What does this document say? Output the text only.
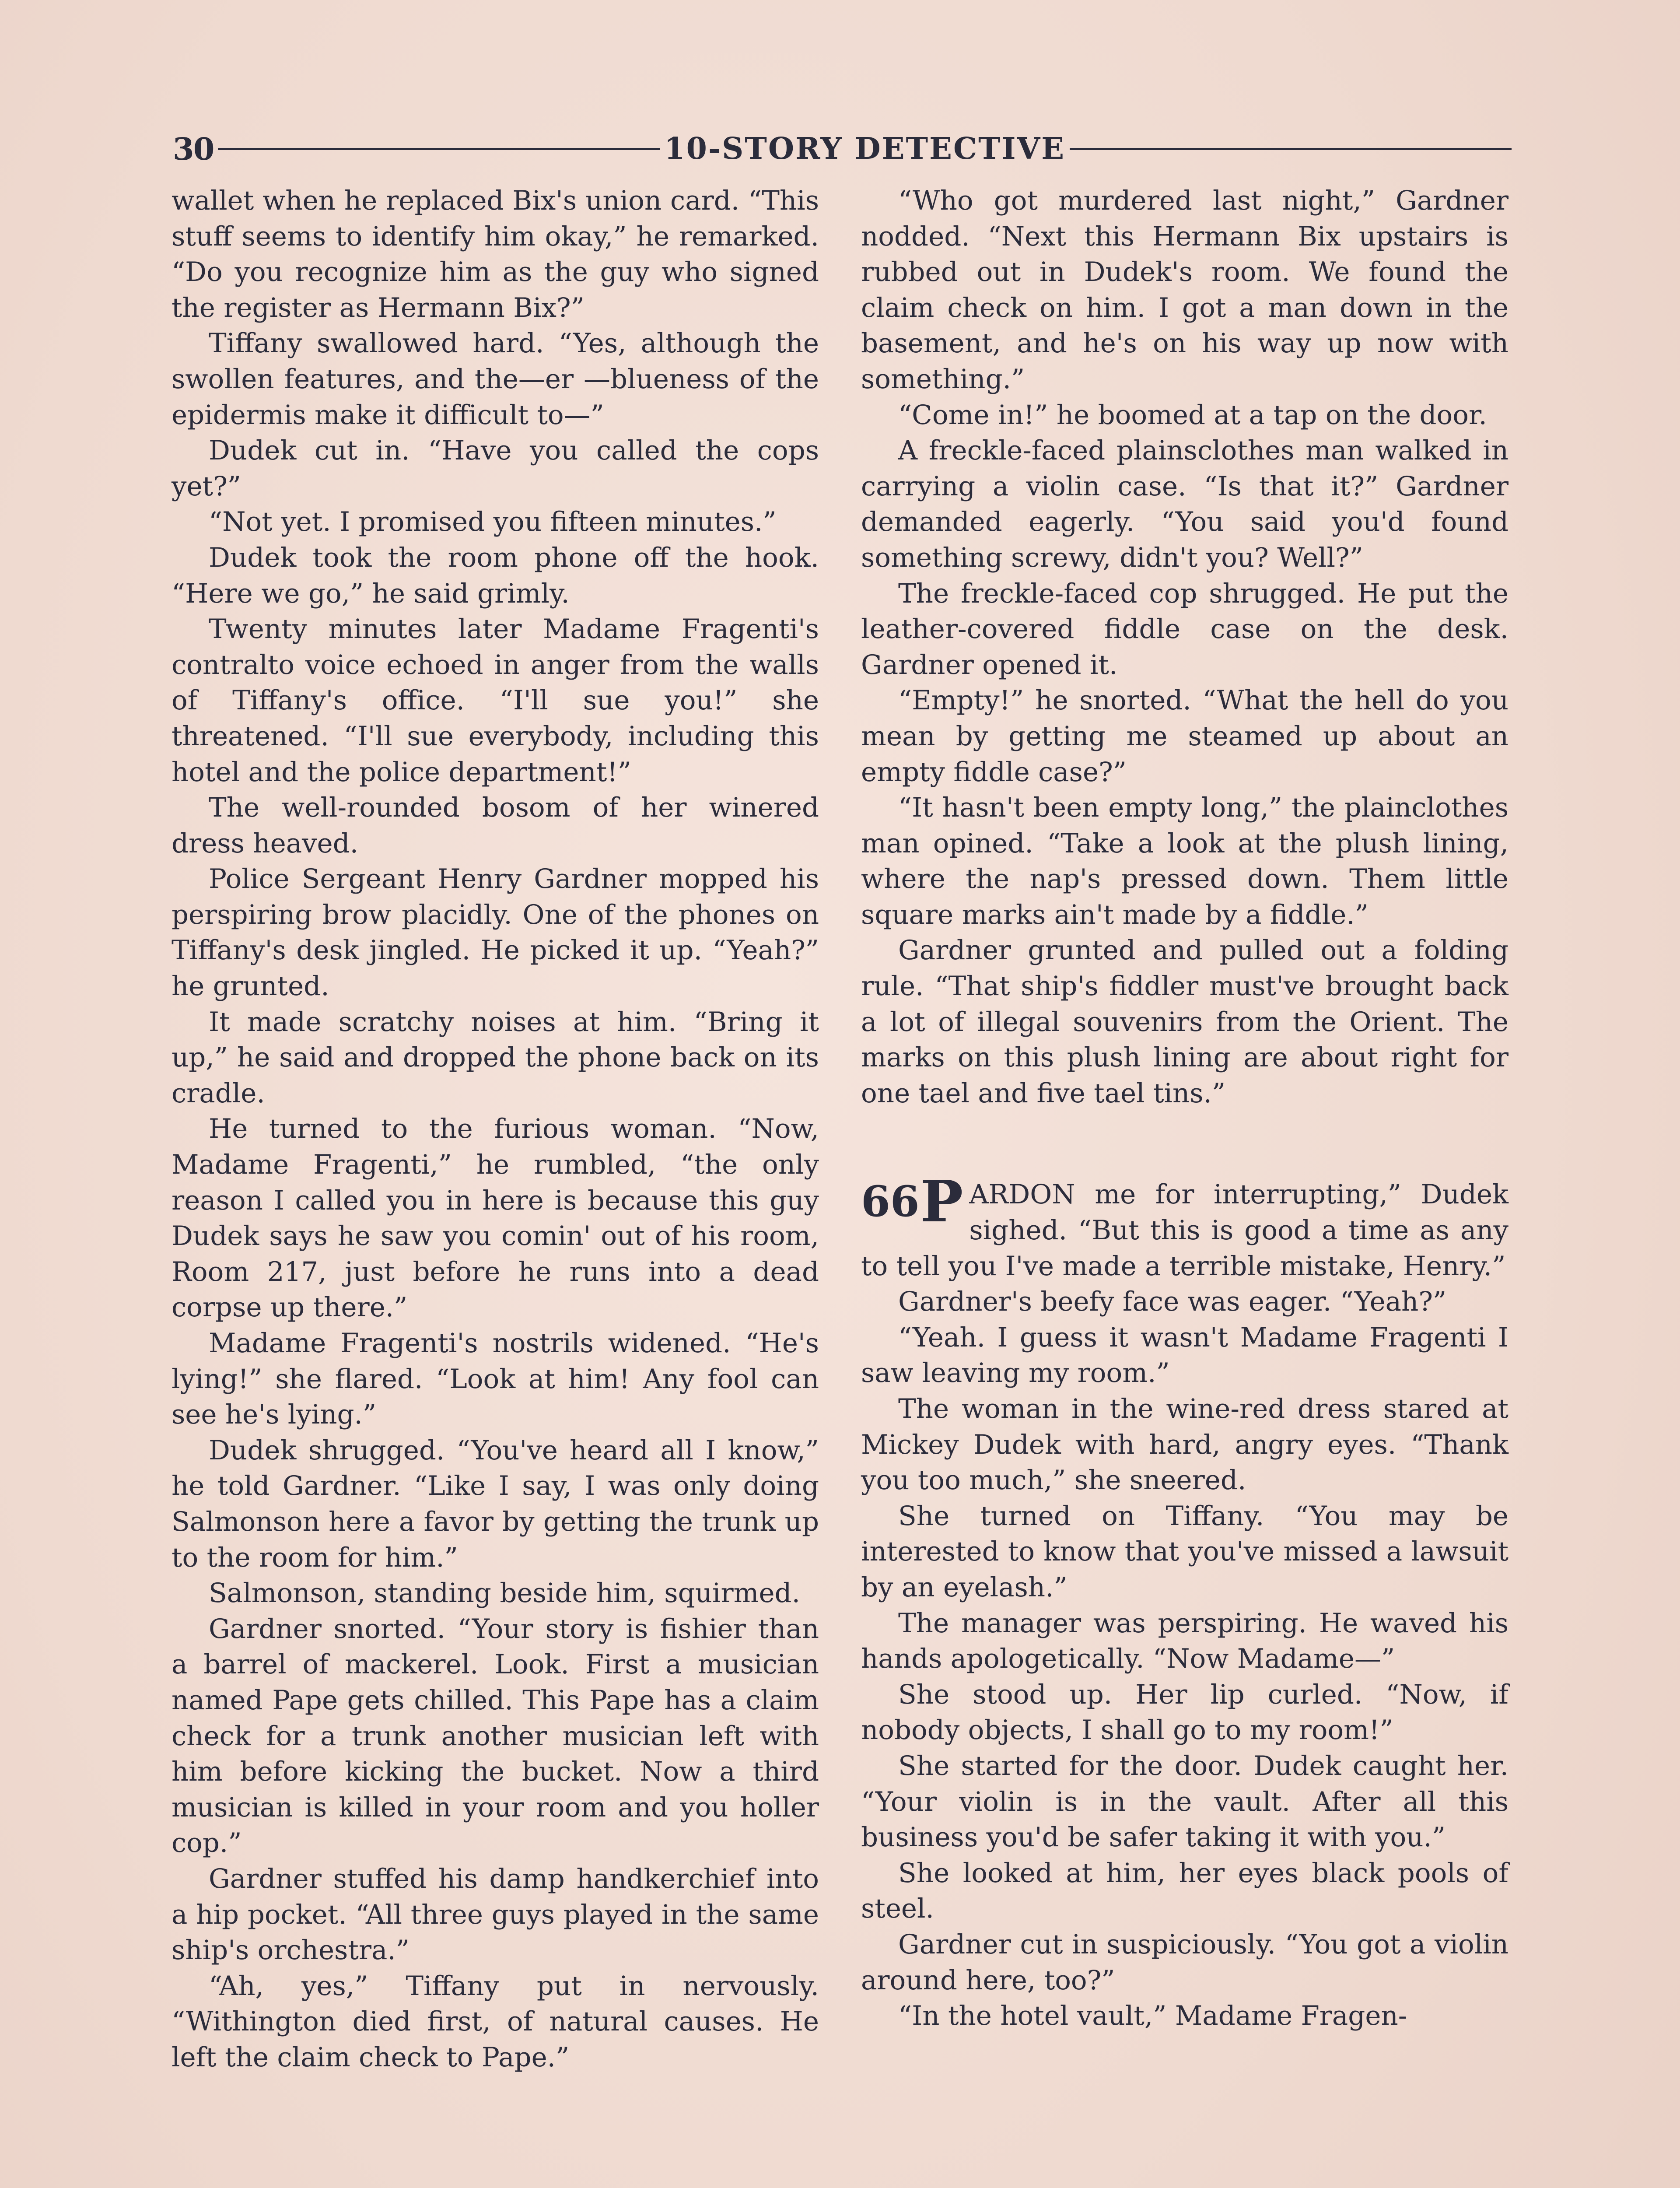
30	10-STORY DETECTIVE

wallet when he replaced Bix's union card. “This stuff seems to identify him okay,” he remarked. “Do you recognize him as the guy who signed the register as Hermann Bix?”

Tiffany swallowed hard. “Yes, although the swollen features, and the—er —blueness of the epidermis make it difficult to—”

Dudek cut in. “Have you called the cops yet?”

“Not yet. I promised you fifteen minutes.”

Dudek took the room phone off the hook. “Here we go,” he said grimly.

Twenty minutes later Madame Fragenti's contralto voice echoed in anger from the walls of Tiffany's office. “I'll sue you!” she threatened. “I'll sue everybody, including this hotel and the police department!”

The well-rounded bosom of her winered dress heaved.

Police Sergeant Henry Gardner mopped his perspiring brow placidly. One of the phones on Tiffany's desk jingled. He picked it up. “Yeah?” he grunted.

It made scratchy noises at him. “Bring it up,” he said and dropped the phone back on its cradle.

He turned to the furious woman. “Now, Madame Fragenti,” he rumbled, “the only reason I called you in here is because this guy Dudek says he saw you comin' out of his room, Room 217, just before he runs into a dead corpse up there.”

Madame Fragenti's nostrils widened. “He's lying!” she flared. “Look at him! Any fool can see he's lying.”

Dudek shrugged. “You've heard all I know,” he told Gardner. “Like I say, I was only doing Salmonson here a favor by getting the trunk up to the room for him.”

Salmonson, standing beside him, squirmed.

Gardner snorted. “Your story is fishier than a barrel of mackerel. Look. First a musician named Pape gets chilled. This Pape has a claim check for a trunk another musician left with him before kicking the bucket. Now a third musician is killed in your room and you holler cop.”

Gardner stuffed his damp handkerchief into a hip pocket. “All three guys played in the same ship's orchestra.”

“Ah, yes,” Tiffany put in nervously. “Withington died first, of natural causes. He left the claim check to Pape.”

“Who got murdered last night,” Gardner nodded. “Next this Hermann Bix upstairs is rubbed out in Dudek's room. We found the claim check on him. I got a man down in the basement, and he's on his way up now with something.”

“Come in!” he boomed at a tap on the door.

A freckle-faced plainsclothes man walked in carrying a violin case. “Is that it?” Gardner demanded eagerly. “You said you'd found something screwy, didn't you? Well?”

The freckle-faced cop shrugged. He put the leather-covered fiddle case on the desk. Gardner opened it.

“Empty!” he snorted. “What the hell do you mean by getting me steamed up about an empty fiddle case?”

“It hasn't been empty long,” the plainclothes man opined. “Take a look at the plush lining, where the nap's pressed down. Them little square marks ain't made by a fiddle.”

Gardner grunted and pulled out a folding rule. “That ship's fiddler must've brought back a lot of illegal souvenirs from the Orient. The marks on this plush lining are about right for one tael and five tael tins.”

$^{66}$P ARDON me for interrupting,” Dudek sighed. “But this is good a time as any to tell you I've made a terrible mistake, Henry.”

Gardner's beefy face was eager. “Yeah?”

“Yeah. I guess it wasn't Madame Fragenti I saw leaving my room.”

The woman in the wine-red dress stared at Mickey Dudek with hard, angry eyes. “Thank you too much,” she sneered.

She turned on Tiffany. “You may be interested to know that you've missed a lawsuit by an eyelash.”

The manager was perspiring. He waved his hands apologetically. “Now Madame—”

She stood up. Her lip curled. “Now, if nobody objects, I shall go to my room!”

She started for the door. Dudek caught her. “Your violin is in the vault. After all this business you'd be safer taking it with you.”

She looked at him, her eyes black pools of steel.

Gardner cut in suspiciously. “You got a violin around here, too?”

“In the hotel vault,” Madame Fragen-
